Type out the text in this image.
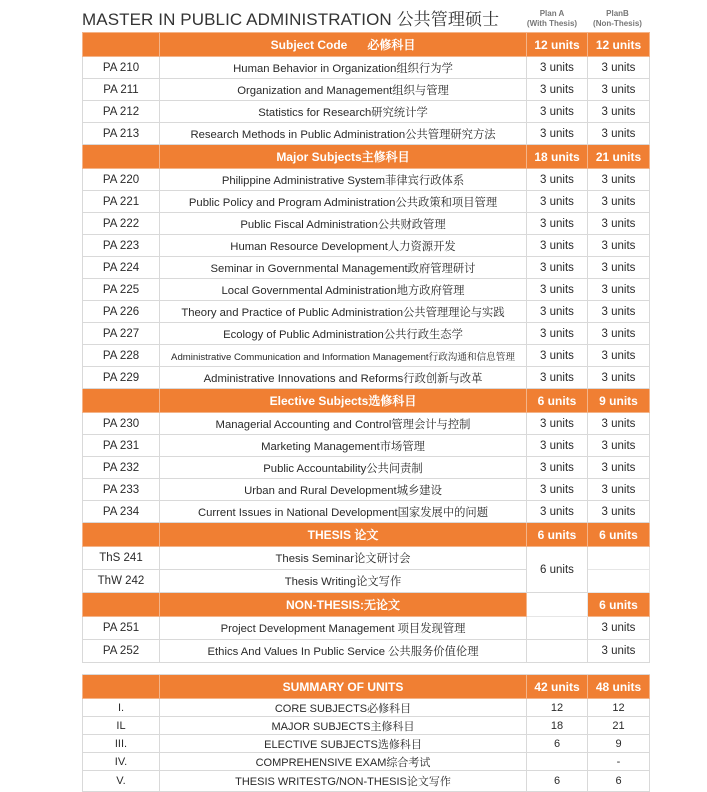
MASTER IN PUBLIC ADMINISTRATION 公共管理硕士	Plan A
(With Thesis)
PlanB
(Non-Thesis)
	Subject Code      必修科目	12 units	12 units
PA 210	Human Behavior in Organization组织行为学	3 units	3 units
PA 211	Organization and Management组织与管理	3 units	3 units
PA 212	Statistics for Research研究统计学	3 units	3 units
PA 213	Research Methods in Public Administration公共管理研究方法	3 units	3 units
	Major Subjects主修科目	18 units	21 units
PA 220	Philippine Administrative System菲律宾行政体系	3 units	3 units
PA 221	Public Policy and Program Administration公共政策和项目管理	3 units	3 units
PA 222	Public Fiscal Administration公共财政管理	3 units	3 units
PA 223	Human Resource Development人力资源开发	3 units	3 units
PA 224	Seminar in Governmental Management政府管理研讨	3 units	3 units
PA 225	Local Governmental Administration地方政府管理	3 units	3 units
PA 226	Theory and Practice of Public Administration公共管理理论与实践	3 units	3 units
PA 227	Ecology of Public Administration公共行政生态学	3 units	3 units
PA 228	Administrative Communication and Information Management行政沟通和信息管理	3 units	3 units
PA 229	Administrative Innovations and Reforms行政创新与改革	3 units	3 units
	Elective Subjects选修科目	6 units	9 units
PA 230	Managerial Accounting and Control管理会计与控制	3 units	3 units
PA 231	Marketing Management市场管理	3 units	3 units
PA 232	Public Accountability公共问责制	3 units	3 units
PA 233	Urban and Rural Development城乡建设	3 units	3 units
PA 234	Current Issues in National Development国家发展中的问题	3 units	3 units
	THESIS 论文	6 units	6 units
ThS 241	Thesis Seminar论文研讨会	6 units	
ThW 242	Thesis Writing论文写作		
	NON-THESIS:无论文		6 units
PA 251	Project Development Management 项目发现管理		3 units
PA 252	Ethics And Values In Public Service 公共服务价值伦理		3 units

	SUMMARY OF UNITS	42 units	48 units
I.	CORE SUBJECTS必修科目	12	12
IL	MAJOR SUBJECTS主修科目	18	21
III.	ELECTIVE SUBJECTS选修科目	6	9
IV.	COMPREHENSIVE EXAM综合考试		-
V.	THESIS WRITESTG/NON-THESIS论文写作	6	6
